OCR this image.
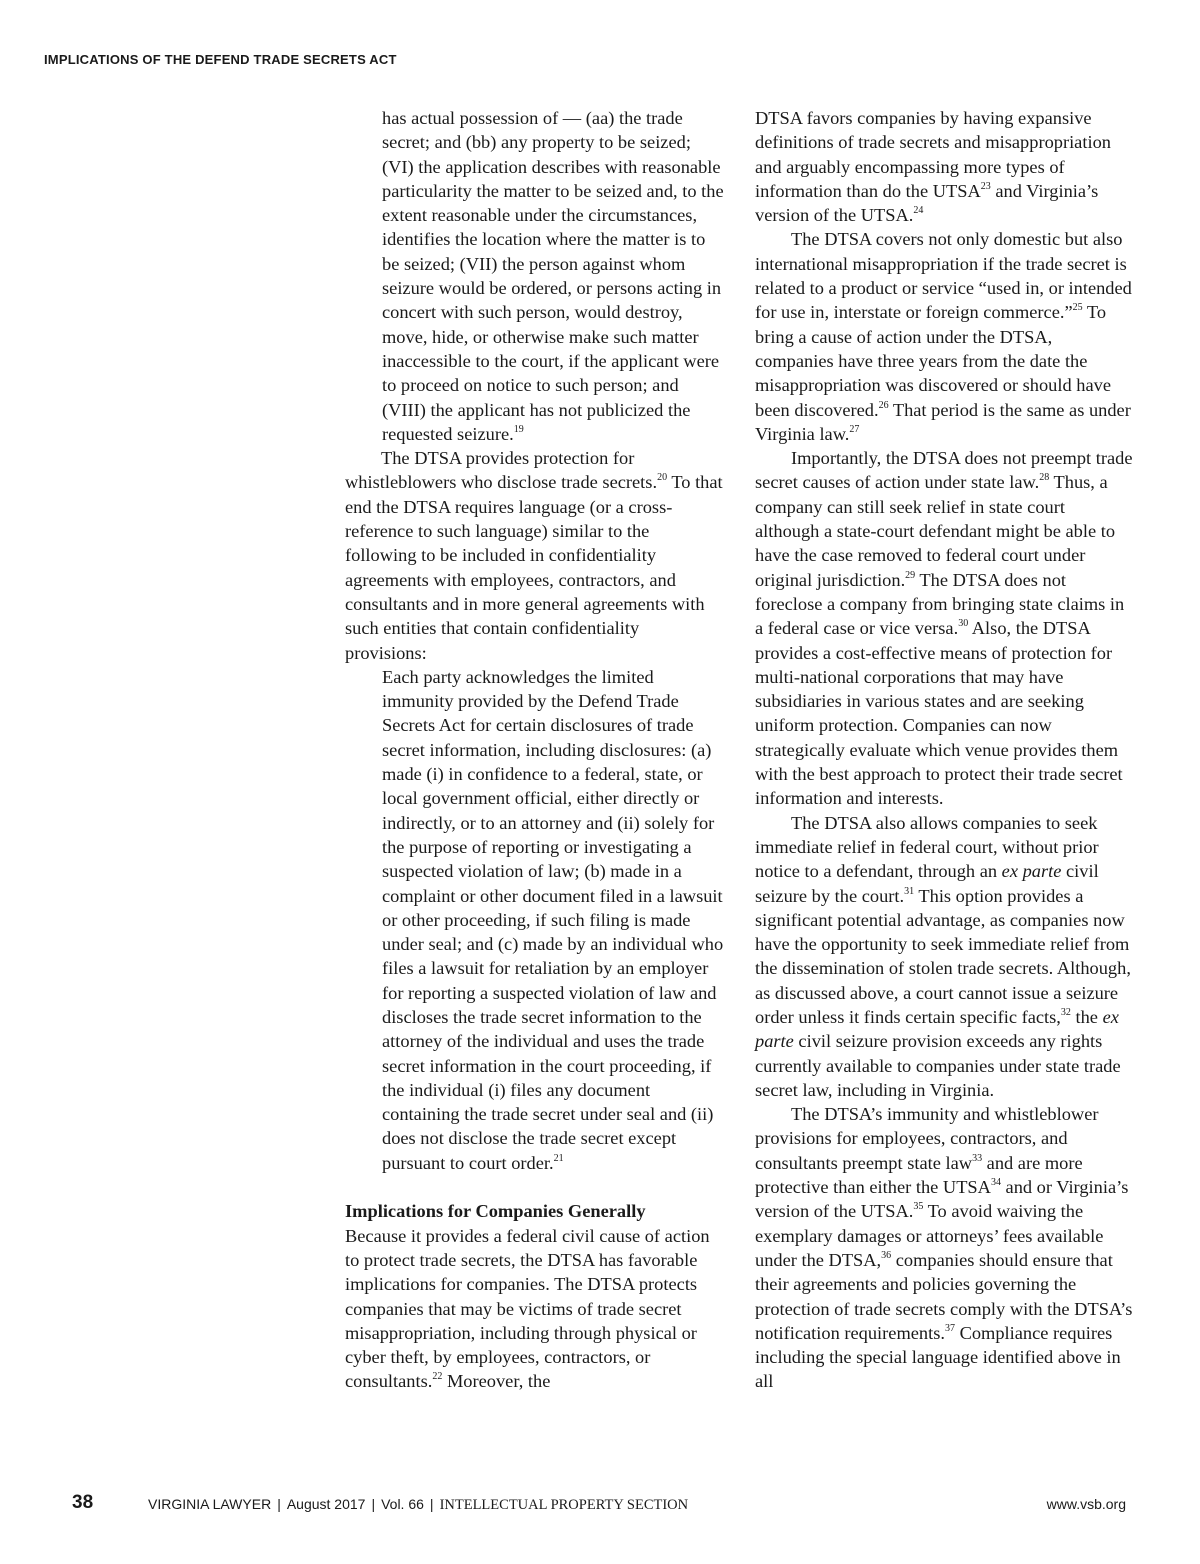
IMPLICATIONS OF THE DEFEND TRADE SECRETS ACT

has actual possession of — (aa) the trade secret; and (bb) any property to be seized; (VI) the application describes with reasonable particularity the matter to be seized and, to the extent reasonable under the circumstances, identifies the location where the matter is to be seized; (VII) the person against whom seizure would be ordered, or persons acting in concert with such person, would destroy, move, hide, or otherwise make such matter inaccessible to the court, if the applicant were to proceed on notice to such person; and (VIII) the applicant has not publicized the requested seizure.$^{19}$

The DTSA provides protection for whistleblowers who disclose trade secrets.$^{20}$ To that end the DTSA requires language (or a cross-reference to such language) similar to the following to be included in confidentiality agreements with employees, contractors, and consultants and in more general agreements with such entities that contain confidentiality provisions:

Each party acknowledges the limited immunity provided by the Defend Trade Secrets Act for certain disclosures of trade secret information, including disclosures: (a) made (i) in confidence to a federal, state, or local government official, either directly or indirectly, or to an attorney and (ii) solely for the purpose of reporting or investigating a suspected violation of law; (b) made in a complaint or other document filed in a lawsuit or other proceeding, if such filing is made under seal; and (c) made by an individual who files a lawsuit for retaliation by an employer for reporting a suspected violation of law and discloses the trade secret information to the attorney of the individual and uses the trade secret information in the court proceeding, if the individual (i) files any document containing the trade secret under seal and (ii) does not disclose the trade secret except pursuant to court order.$^{21}$

Implications for Companies Generally

Because it provides a federal civil cause of action to protect trade secrets, the DTSA has favorable implications for companies. The DTSA protects companies that may be victims of trade secret misappropriation, including through physical or cyber theft, by employees, contractors, or consultants.$^{22}$ Moreover, the

DTSA favors companies by having expansive definitions of trade secrets and misappropriation and arguably encompassing more types of information than do the UTSA$^{23}$ and Virginia’s version of the UTSA.$^{24}$

The DTSA covers not only domestic but also international misappropriation if the trade secret is related to a product or service “used in, or intended for use in, interstate or foreign commerce.”$^{25}$ To bring a cause of action under the DTSA, companies have three years from the date the misappropriation was discovered or should have been discovered.$^{26}$ That period is the same as under Virginia law.$^{27}$

Importantly, the DTSA does not preempt trade secret causes of action under state law.$^{28}$ Thus, a company can still seek relief in state court although a state-court defendant might be able to have the case removed to federal court under original jurisdiction.$^{29}$ The DTSA does not foreclose a company from bringing state claims in a federal case or vice versa.$^{30}$ Also, the DTSA provides a cost-effective means of protection for multi-national corporations that may have subsidiaries in various states and are seeking uniform protection. Companies can now strategically evaluate which venue provides them with the best approach to protect their trade secret information and interests.

The DTSA also allows companies to seek immediate relief in federal court, without prior notice to a defendant, through an ex parte civil seizure by the court.$^{31}$ This option provides a significant potential advantage, as companies now have the opportunity to seek immediate relief from the dissemination of stolen trade secrets. Although, as discussed above, a court cannot issue a seizure order unless it finds certain specific facts,$^{32}$ the ex parte civil seizure provision exceeds any rights currently available to companies under state trade secret law, including in Virginia.

The DTSA’s immunity and whistleblower provisions for employees, contractors, and consultants preempt state law$^{33}$ and are more protective than either the UTSA$^{34}$ and or Virginia’s version of the UTSA.$^{35}$ To avoid waiving the exemplary damages or attorneys’ fees available under the DTSA,$^{36}$ companies should ensure that their agreements and policies governing the protection of trade secrets comply with the DTSA’s notification requirements.$^{37}$ Compliance requires including the special language identified above in all

38	VIRGINIA LAWYER | August 2017 | Vol. 66 | INTELLECTUAL PROPERTY SECTION	www.vsb.org
